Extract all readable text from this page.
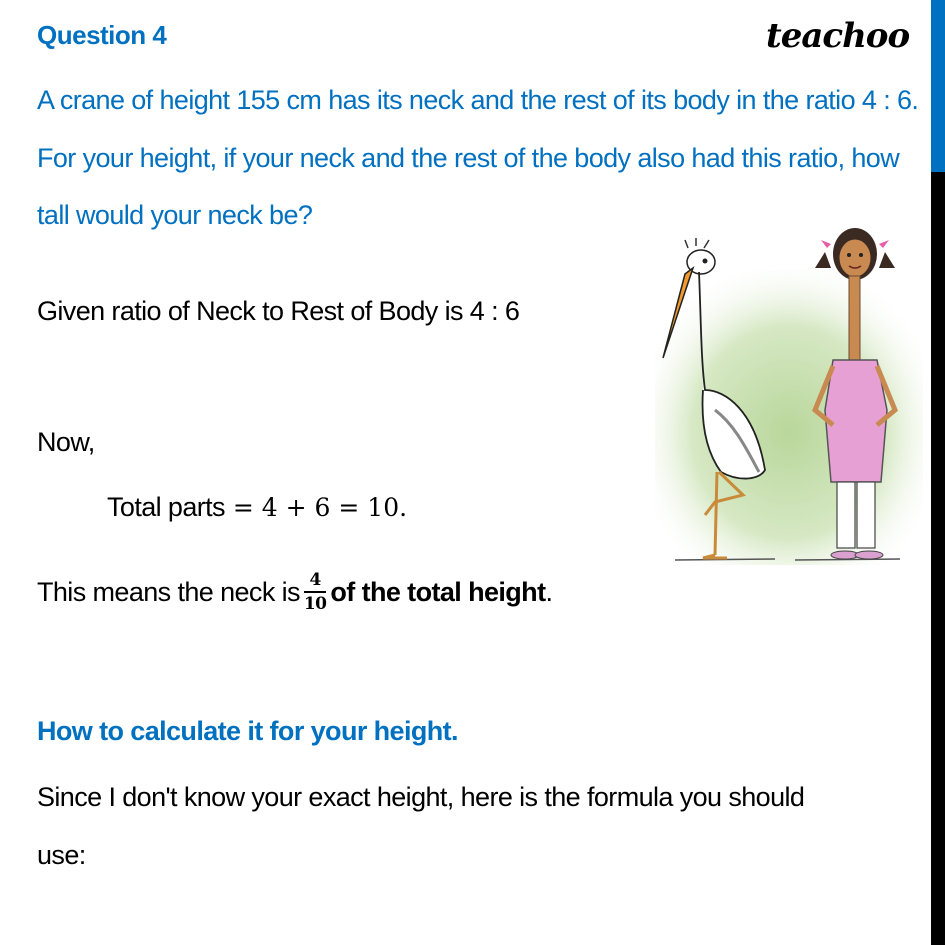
Question 4	teachoo
A crane of height 155 cm has its neck and the rest of its body in the ratio 4 : 6. For your height, if your neck and the rest of the body also had this ratio, how tall would your neck be?
Given ratio of Neck to Rest of Body is 4 : 6
Now,
Total parts = 4 + 6 = 10.
This means the neck is $\frac{4}{10}$ of the total height.
How to calculate it for your height.
Since I don't know your exact height, here is the formula you should
use:
